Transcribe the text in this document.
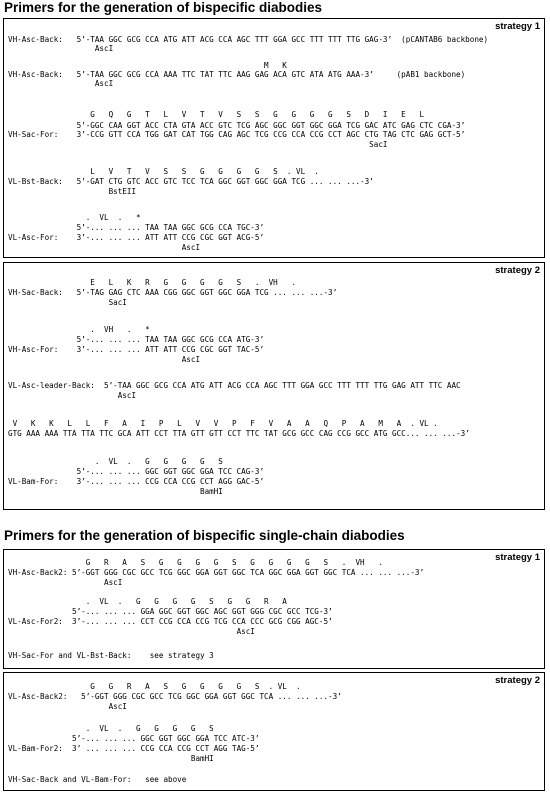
Primers for the generation of bispecific diabodies
strategy 1
VH-Asc-Back:   5’-TAA GGC GCG CCA ATG ATT ACG CCA AGC TTT GGA GCC TTT TTT TTG GAG-3’  (pCANTAB6 backbone)
AscI
M   K
VH-Asc-Back:   5’-TAA GGC GCG CCA AAA TTC TAT TTC AAG GAG ACA GTC ATA ATG AAA-3’     (pAB1 backbone)
AscI
G   Q   G   T   L   V   T   V   S   S   G   G   G   G   S   D   I   E   L
5’-GGC CAA GGT ACC CTA GTA ACC GTC TCG AGC GGC GGT GGC GGA TCG GAC ATC GAG CTC CGA-3’
VH-Sac-For:    3’-CCG GTT CCA TGG GAT CAT TGG CAG AGC TCG CCG CCA CCG CCT AGC CTG TAG CTC GAG GCT-5’
SacI
L   V   T   V   S   S   G   G   G   G   S  . VL  .
VL-Bst-Back:   5’-GAT CTG GTC ACC GTC TCC TCA GGC GGT GGC GGA TCG ... ... ...-3’
BstEII
.  VL  .   *
5’-... ... ... TAA TAA GGC GCG CCA TGC-3’
VL-Asc-For:    3’-... ... ... ATT ATT CCG CGC GGT ACG-5’
AscI
strategy 2
E   L   K   R   G   G   G   G   S   .  VH   .
VH-Sac-Back:   5’-TAG GAG CTC AAA CGG GGC GGT GGC GGA TCG ... ... ...-3’
SacI
.  VH   .   *
5’-... ... ... TAA TAA GGC GCG CCA ATG-3’
VH-Asc-For:    3’-... ... ... ATT ATT CCG CGC GGT TAC-5’
AscI
VL-Asc-leader-Back:  5’-TAA GGC GCG CCA ATG ATT ACG CCA AGC TTT GGA GCC TTT TTT TTG GAG ATT TTC AAC
AscI
V   K   K   L   L   F   A   I   P   L   V   V   P   F   V   A   A   Q   P   A   M   A  . VL .
GTG AAA AAA TTA TTA TTC GCA ATT CCT TTA GTT GTT CCT TTC TAT GCG GCC CAG CCG GCC ATG GCC... ... ...-3’
.  VL  .   G   G   G   G   S
5’-... ... ... GGC GGT GGC GGA TCC CAG-3’
VL-Bam-For:    3’-... ... ... CCG CCA CCG CCT AGG GAC-5’
BamHI
Primers for the generation of bispecific single-chain diabodies
strategy 1
G   R   A   S   G   G   G   G   S   G   G   G   G   S   .  VH   .
VH-Asc-Back2: 5’-GGT GGG CGC GCC TCG GGC GGA GGT GGC TCA GGC GGA GGT GGC TCA ... ... ...-3’
AscI
.  VL  .   G   G   G   G   S   G   G   R   A
5’-... ... ... GGA GGC GGT GGC AGC GGT GGG CGC GCC TCG-3’
VL-Asc-For2:  3’-... ... ... CCT CCG CCA CCG TCG CCA CCC GCG CGG AGC-5’
AscI
VH-Sac-For and VL-Bst-Back:    see strategy 3
strategy 2
G   G   R   A   S   G   G   G   G   S  . VL  .
VL-Asc-Back2:   5’-GGT GGG CGC GCC TCG GGC GGA GGT GGC TCA ... ... ...-3’
AscI
.  VL  .   G   G   G   G   S
5’-... ... ... GGC GGT GGC GGA TCC ATC-3’
VL-Bam-For2:  3’ ... ... ... CCG CCA CCG CCT AGG TAG-5’
BamHI
VH-Sac-Back and VL-Bam-For:   see above
